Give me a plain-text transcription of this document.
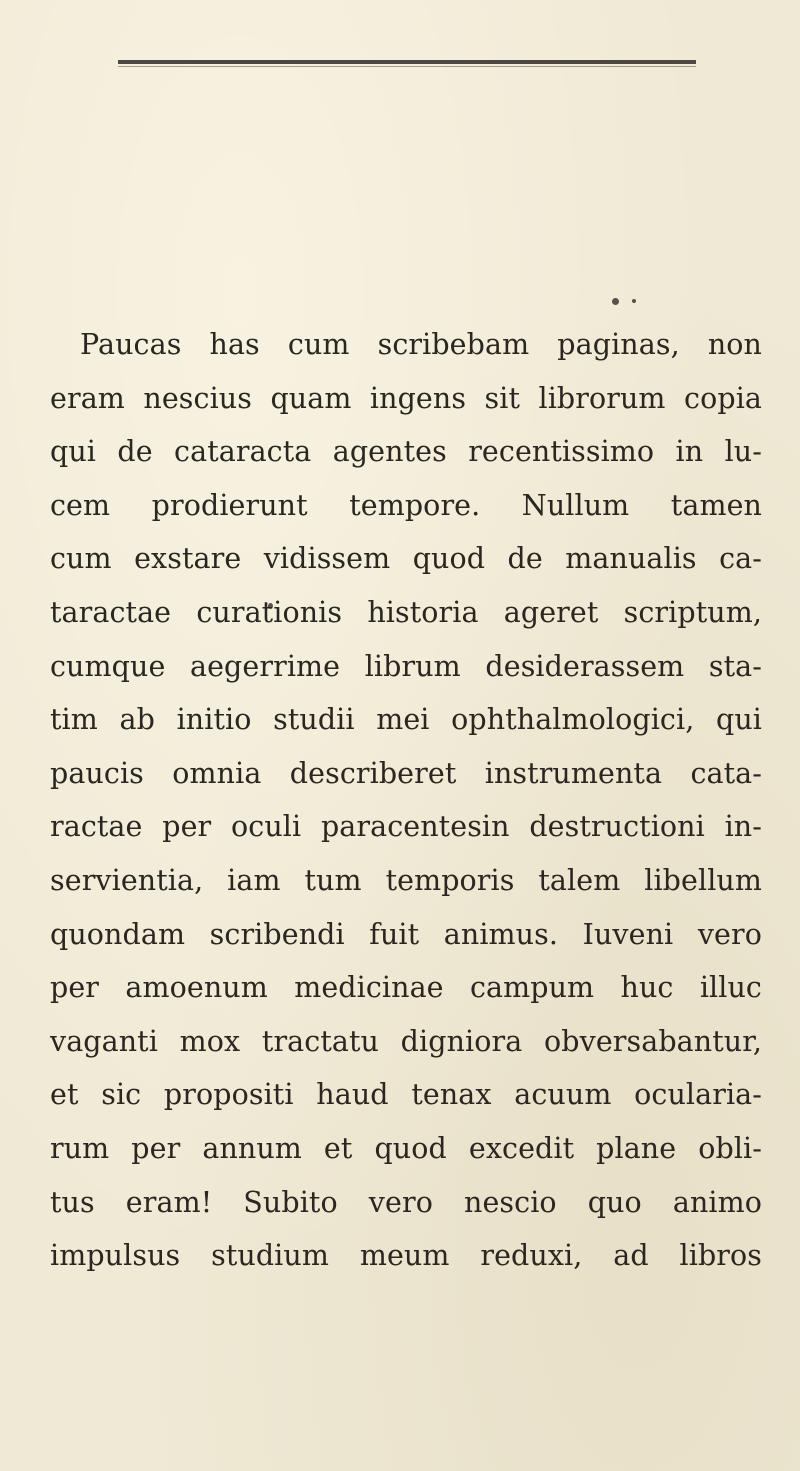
Paucas has cum scribebam paginas, non
eram nescius quam ingens sit librorum copia
qui de cataracta agentes recentissimo in lu-
cem prodierunt tempore. Nullum tamen
cum exstare vidissem quod de manualis ca-
taractae curationis historia ageret scriptum,
cumque aegerrime librum desiderassem sta-
tim ab initio studii mei ophthalmologici, qui
paucis omnia describeret instrumenta cata-
ractae per oculi paracentesin destructioni in-
servientia, iam tum temporis talem libellum
quondam scribendi fuit animus. Iuveni vero
per amoenum medicinae campum huc illuc
vaganti mox tractatu digniora obversabantur,
et sic propositi haud tenax acuum ocularia-
rum per annum et quod excedit plane obli-
tus eram! Subito vero nescio quo animo
impulsus studium meum reduxi, ad libros
